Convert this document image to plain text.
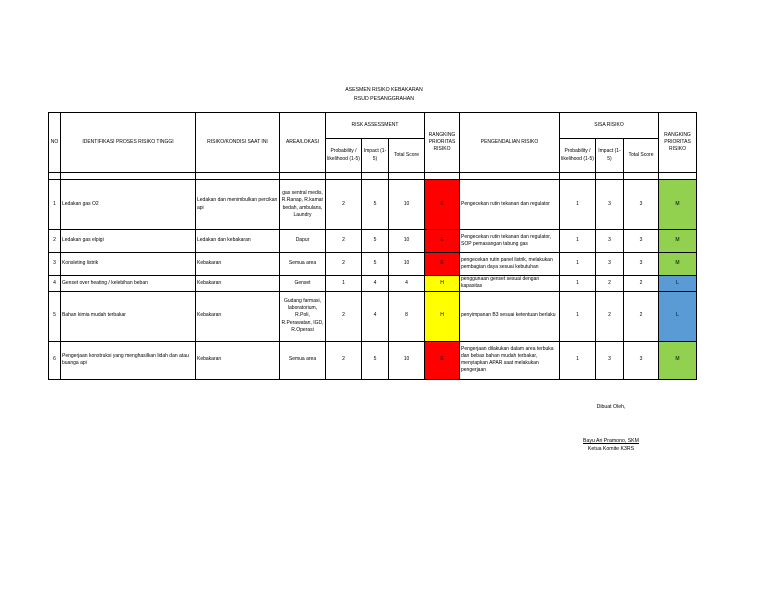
ASESMEN RISIKO KEBAKARAN
RSUD PESANGGRAHAN
NO	IDENTIFIKASI PROSES RISIKO TINGGI	RISIKO/KONDISI SAAT INI	AREA/LOKASI	RISK ASSESSMENT			RANGKING PRIORITAS RISIKO	PENGENDALIAN RISIKO	SISA RISIKO			RANGKING PRIORITAS RISIKO
				Probability / likelihood (1-5)	Impact (1-5)	Total Score			Probability / likelihood (1-5)	Impact (1-5)	Total Score	

1	Ledakan gas O2	Ledakan dan menimbulkan percikan api	gas sentral medis, R.Ranap, R.kamar bedah, ambulans, Laundry	2	5	10	E	Pengecekan rutin tekanan dan regulator	1	3	3	M
2	Ledakan gas elpigi	Ledakan dan kebakaran	Dapur	2	5	10	E	Pengecekan rutin tekanan dan regulator, SOP pemasangan tabung gas	1	3	3	M
3	Konsleting listrik	Kebakaran	Semua area	2	5	10	E	pengecekan rutin panel listrik, melakukan pembagian daya sesuai kebutuhan	1	3	3	M
4	Genset over heating / kelebihan beban	Kebakaran	Genset	1	4	4	H	penggunaan genset sesuai dengan kapasitas	1	2	2	L
5	Bahan kimia mudah terbakar	Kebakaran	Gudang farmasi, laboratorium, R.Poli, R.Perawatan, IGD, R.Operasi	2	4	8	H	penyimpanan B3 sesuai ketentuan berlaku	1	2	2	L
6	Pengerjaan konstruksi yang menghasilkan lidah dan atau buanga api	Kebakaran	Semua area	2	5	10	E	Pengerjaan dilakukan dalam area terbuka dan bebas bahan mudah terbakar, menyiapkan APAR saat melakukan pengerjaan	1	3	3	M
Dibuat Oleh,
Bayu Ari Pramono, SKM
Ketua Komite K3RS
